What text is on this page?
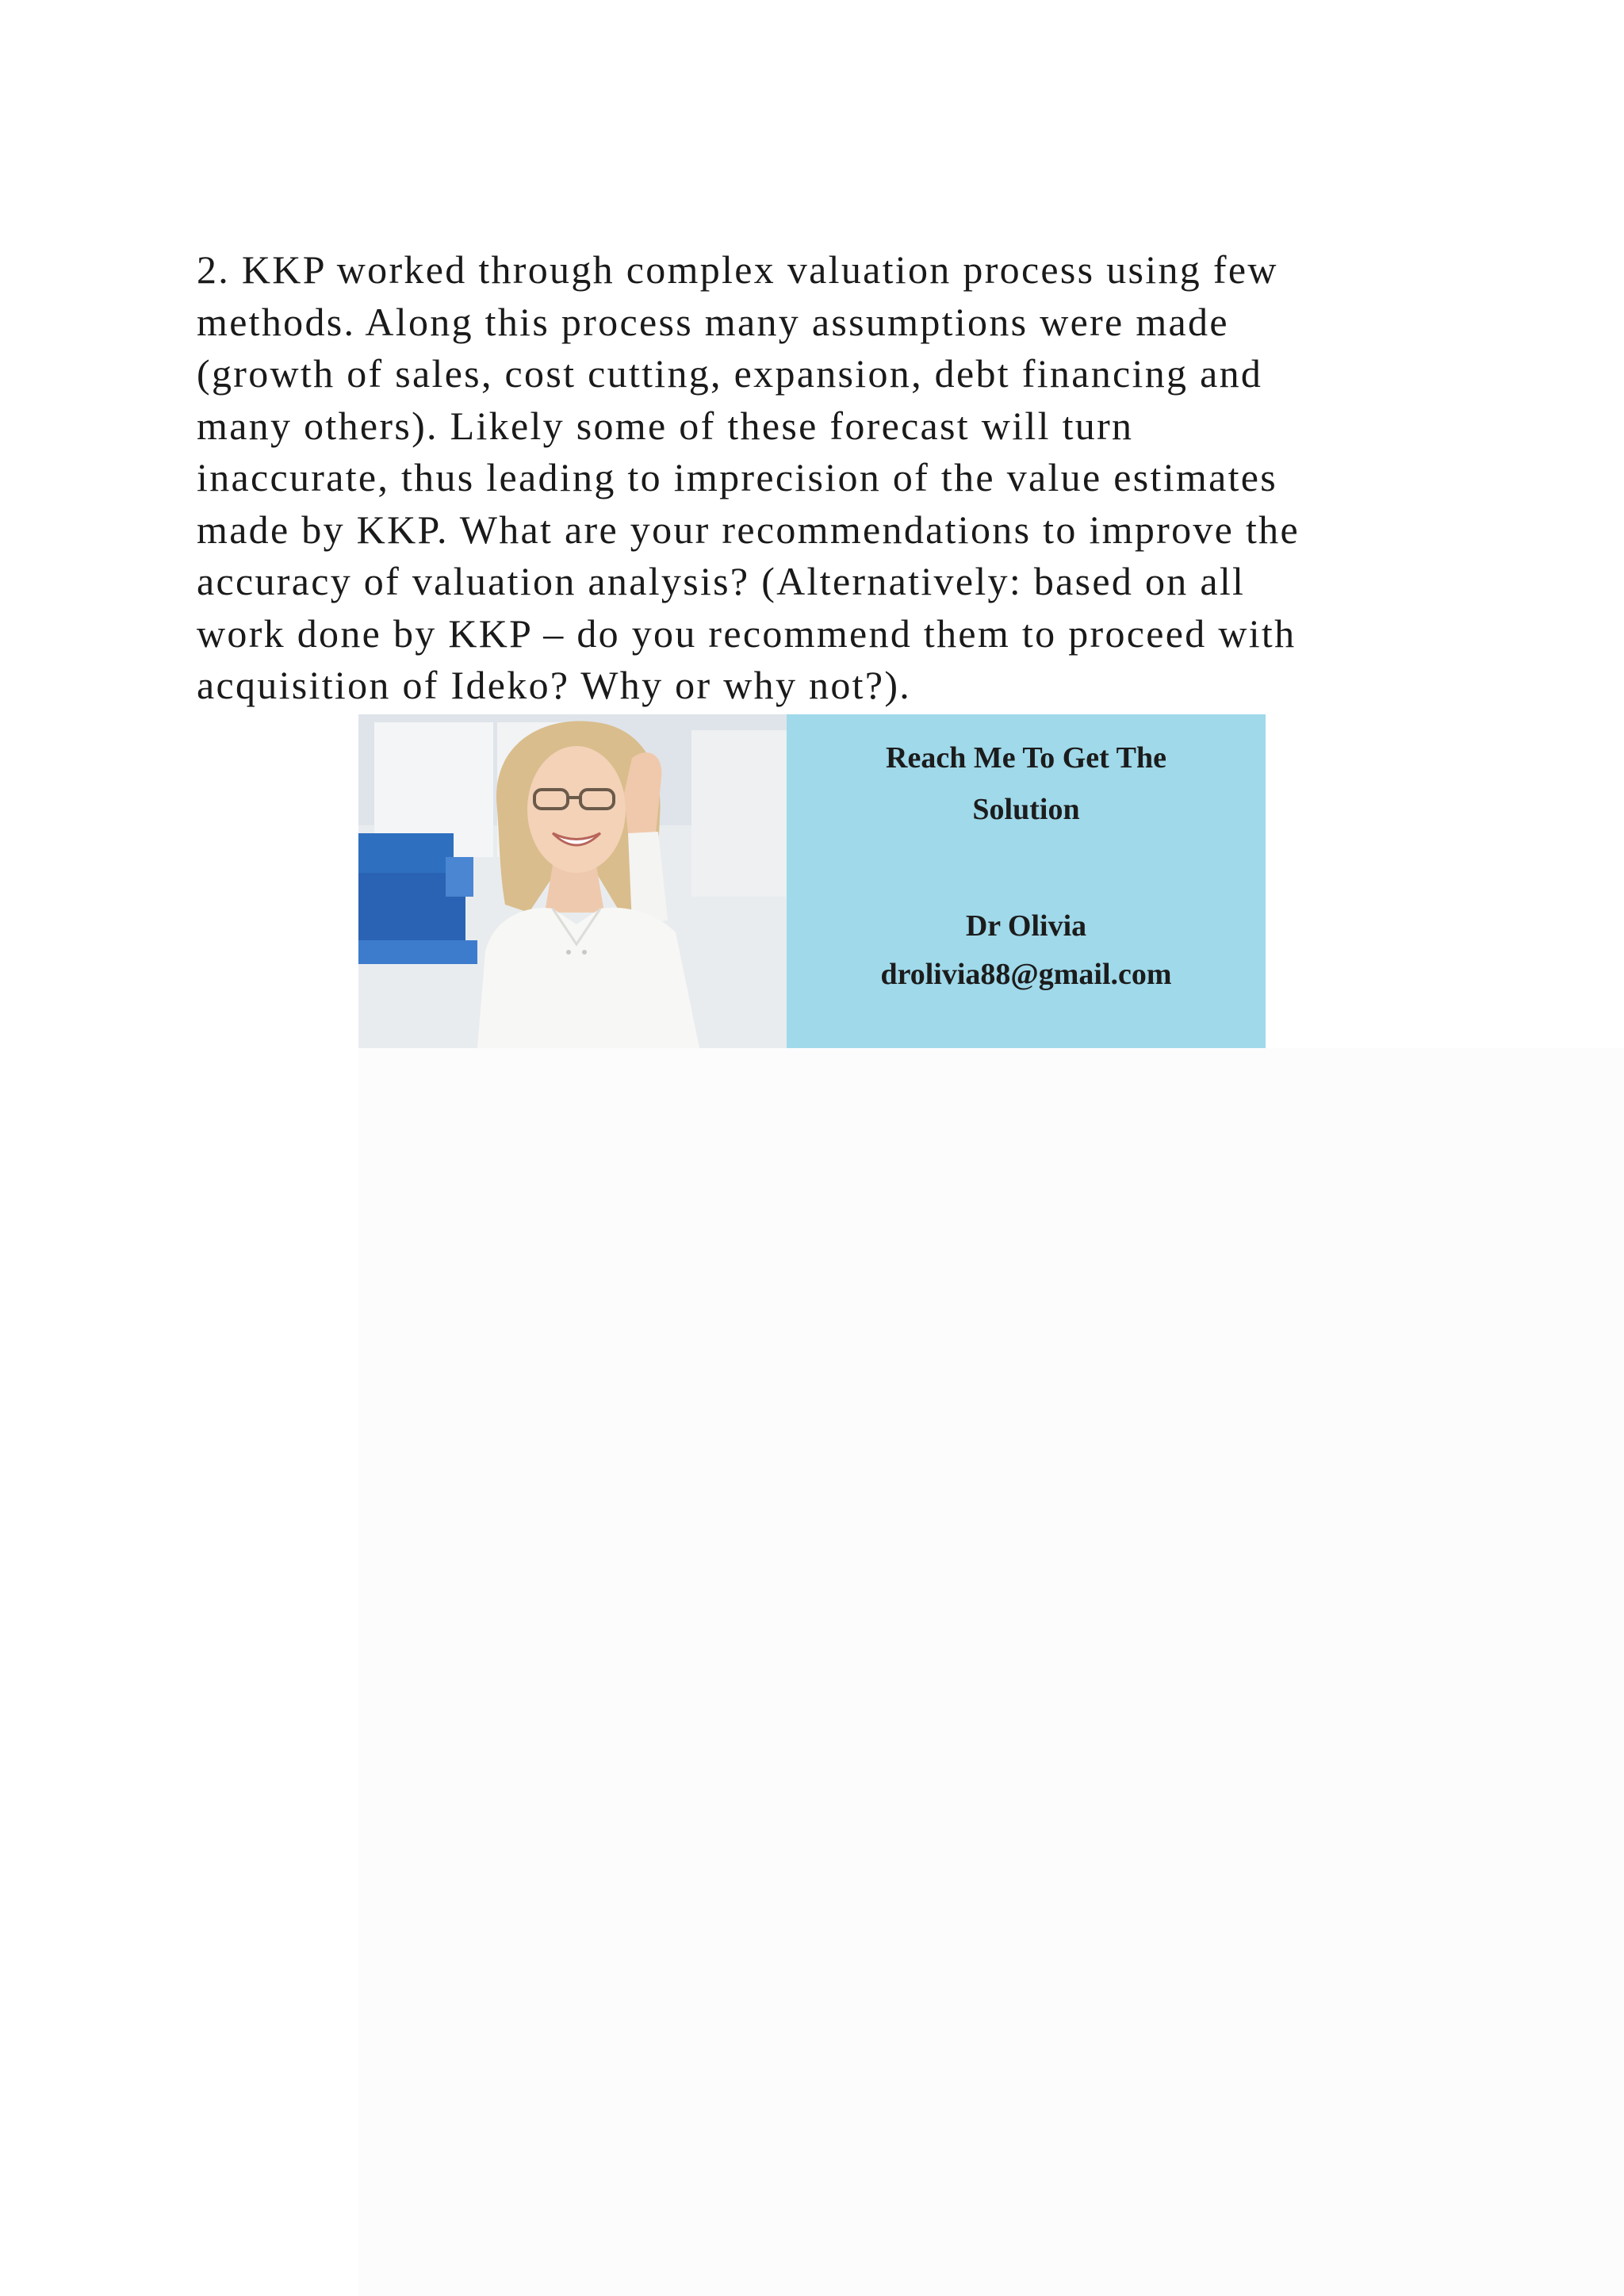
2. KKP worked through complex valuation process using few
methods. Along this process many assumptions were made
(growth of sales, cost cutting, expansion, debt financing and
many others). Likely some of these forecast will turn
inaccurate, thus leading to imprecision of the value estimates
made by KKP. What are your recommendations to improve the
accuracy of valuation analysis? (Alternatively: based on all
work done by KKP – do you recommend them to proceed with
acquisition of Ideko? Why or why not?).

Reach Me To Get The
Solution
Dr Olivia
drolivia88@gmail.com
